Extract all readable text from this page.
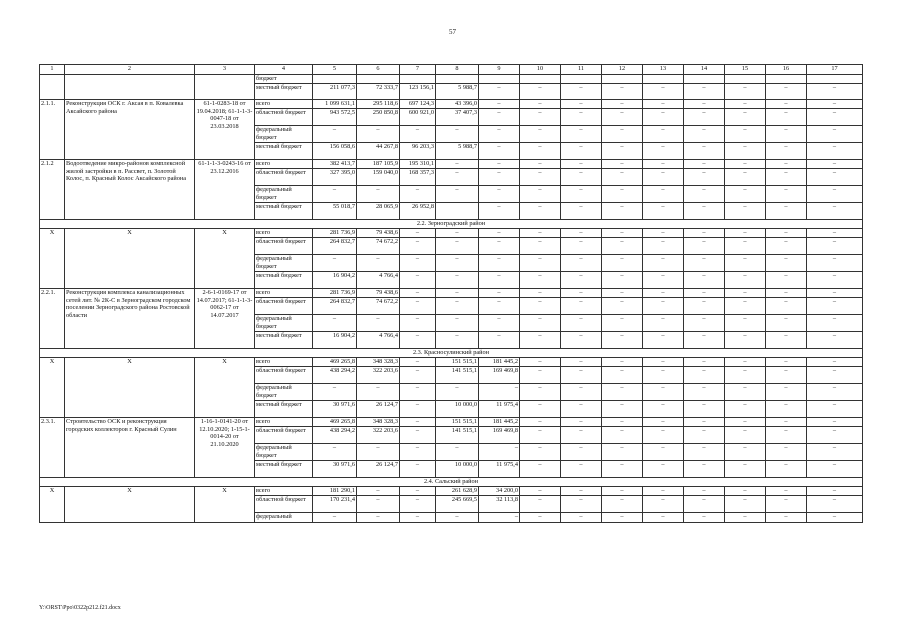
57
1	2	3	4	5	6	7	8	9	10	11	12	13	14	15	16	17
			бюджет													
			местный бюджет	211 077,3	72 333,7	123 156,1	5 988,7	–	–	–	–	–	–	–	–	–
2.1.1.	Реконструкция ОСК г. Аксая в п. Ковалевка Аксайского района	61-1-0283-18 от 19.04.2018; 61-1-1-3-0047-18 от 23.03.2018	всего	1 099 631,1	295 118,6	697 124,3	43 396,0	–	–	–	–	–	–	–	–	–
			областной бюджет	943 572,5	250 850,8	600 921,0	37 407,3	–	–	–	–	–	–	–	–	–
			федеральный бюджет	–	–	–	–	–	–	–	–	–	–	–	–	–
			местный бюджет	156 058,6	44 267,8	96 203,3	5 988,7	–	–	–	–	–	–	–	–	–
2.1.2	Водоотведение микро-районов комплексной жилой застройки в п. Рассвет, п. Золотой Колос, п. Красный Колос Аксайского района	61-1-1-3-0243-16 от 23.12.2016	всего	382 413,7	187 105,9	195 310,1	–	–	–	–	–	–	–	–	–	–
			областной бюджет	327 395,0	159 040,0	168 357,3	–	–	–	–	–	–	–	–	–	–
			федеральный бюджет	–	–	–	–	–	–	–	–	–	–	–	–	–
			местный бюджет	55 018,7	28 065,9	26 952,8		–	–	–	–	–	–	–	–	–
2.2. Зерноградский район																
Х	Х	Х	всего	281 736,9	79 438,6	–	–	–	–	–	–	–	–	–	–	–
			областной бюджет	264 832,7	74 672,2	–	–	–	–	–	–	–	–	–	–	–
			федеральный бюджет	–	–	–	–	–	–	–	–	–	–	–	–	–
			местный бюджет	16 904,2	4 766,4	–	–	–	–	–	–	–	–	–	–	–
2.2.1.	Реконструкция комплекса канализационных сетей лит. № 2К-С в Зерноградском городском поселении Зерноградского района Ростовской области	2-6-1-0169-17 от 14.07.2017; 61-1-1-3-0062-17 от 14.07.2017	всего	281 736,9	79 438,6	–	–	–	–	–	–	–	–	–	–	–
			областной бюджет	264 832,7	74 672,2	–	–	–	–	–	–	–	–	–	–	–
			федеральный бюджет	–	–	–	–	–	–	–	–	–	–	–	–	–
			местный бюджет	16 904,2	4 766,4	–	–	–	–	–	–	–	–	–	–	–
2.3. Красносулинский район																
Х	Х	Х	всего	469 265,8	348 328,3	–	151 515,1	181 445,2	–	–	–	–	–	–	–	–
			областной бюджет	438 294,2	322 203,6	–	141 515,1	169 469,8	–	–	–	–	–	–	–	–
			федеральный бюджет	–	–	–	–	–	–	–	–	–	–	–	–	–
			местный бюджет	30 971,6	26 124,7	–	10 000,0	11 975,4	–	–	–	–	–	–	–	–
2.3.1.	Строительство ОСК и реконструкция городских коллекторов г. Красный Сулин	1-16-1-0141-20 от 12.10.2020; 1-15-1-0014-20 от 21.10.2020	всего	469 265,8	348 328,3	–	151 515,1	181 445,2	–	–	–	–	–	–	–	–
			областной бюджет	438 294,2	322 203,6	–	141 515,1	169 469,8	–	–	–	–	–	–	–	–
			федеральный бюджет	–	–	–	–	–	–	–	–	–	–	–	–	–
			местный бюджет	30 971,6	26 124,7	–	10 000,0	11 975,4	–	–	–	–	–	–	–	–
2.4. Сальский район																
Х	Х	Х	всего	181 290,1	–	–	261 628,9	34 200,0	–	–	–	–	–	–	–	–
			областной бюджет	170 231,4	–	–	245 669,5	32 113,8	–	–	–	–	–	–	–	–
			федеральный	–	–	–	–	–	–	–	–	–	–	–	–	–
Y:\ORST\Ppo\0322p212.f21.docx
